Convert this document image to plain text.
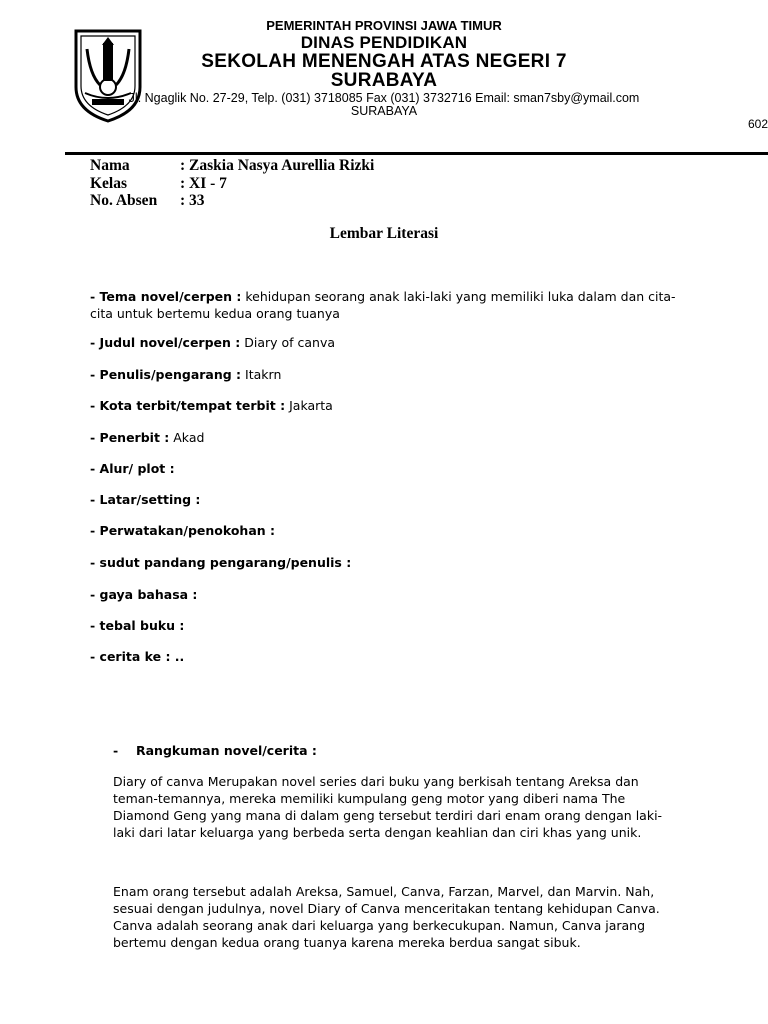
PEMERINTAH PROVINSI JAWA TIMUR
DINAS PENDIDIKAN
SEKOLAH MENENGAH ATAS NEGERI 7
SURABAYA
Jl. Ngaglik No. 27-29, Telp. (031) 3718085 Fax (031) 3732716 Email: sman7sby@ymail.com
SURABAYA
602
Nama	: Zaskia Nasya Aurellia Rizki
Kelas	: XI - 7
No. Absen : 33
Lembar Literasi
- Tema novel/cerpen : kehidupan seorang anak laki-laki yang memiliki luka dalam dan cita-cita untuk bertemu kedua orang tuanya
- Judul novel/cerpen : Diary of canva
- Penulis/pengarang : Itakrn
- Kota terbit/tempat terbit : Jakarta
- Penerbit : Akad
- Alur/ plot :
- Latar/setting :
- Perwatakan/penokohan :
- sudut pandang pengarang/penulis :
- gaya bahasa :
- tebal buku :
- cerita ke : ..
- Rangkuman novel/cerita :
Diary of canva Merupakan novel series dari buku yang berkisah tentang Areksa dan teman-temannya, mereka memiliki kumpulang geng motor yang diberi nama The Diamond Geng yang mana di dalam geng tersebut terdiri dari enam orang dengan laki-laki dari latar keluarga yang berbeda serta dengan keahlian dan ciri khas yang unik.
Enam orang tersebut adalah Areksa, Samuel, Canva, Farzan, Marvel, dan Marvin. Nah, sesuai dengan judulnya, novel Diary of Canva menceritakan tentang kehidupan Canva. Canva adalah seorang anak dari keluarga yang berkecukupan. Namun, Canva jarang bertemu dengan kedua orang tuanya karena mereka berdua sangat sibuk.
